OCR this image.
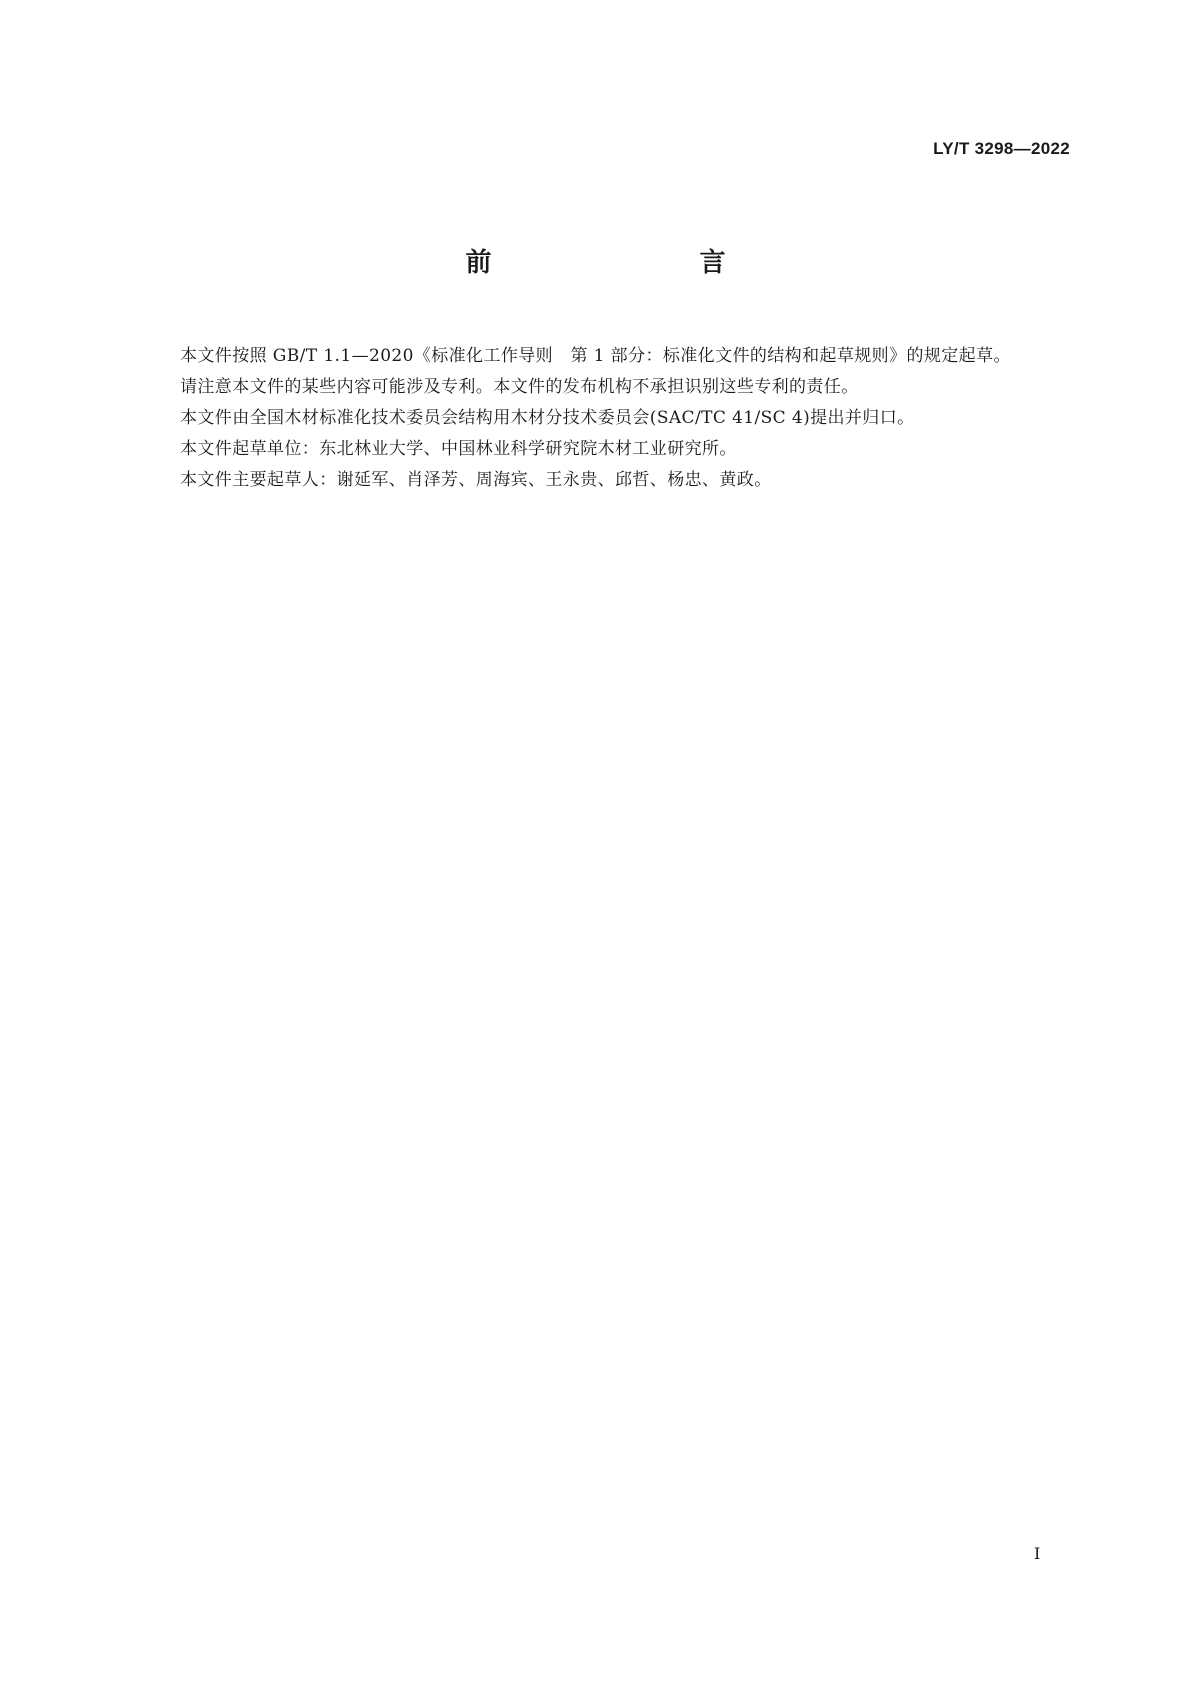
LY/T 3298—2022
前　　言

本文件按照 GB/T 1.1—2020《标准化工作导则　第 1 部分：标准化文件的结构和起草规则》的规定起草。

请注意本文件的某些内容可能涉及专利。本文件的发布机构不承担识别这些专利的责任。

本文件由全国木材标准化技术委员会结构用木材分技术委员会(SAC/TC 41/SC 4)提出并归口。

本文件起草单位：东北林业大学、中国林业科学研究院木材工业研究所。

本文件主要起草人：谢延军、肖泽芳、周海宾、王永贵、邱哲、杨忠、黄政。

Ⅰ
